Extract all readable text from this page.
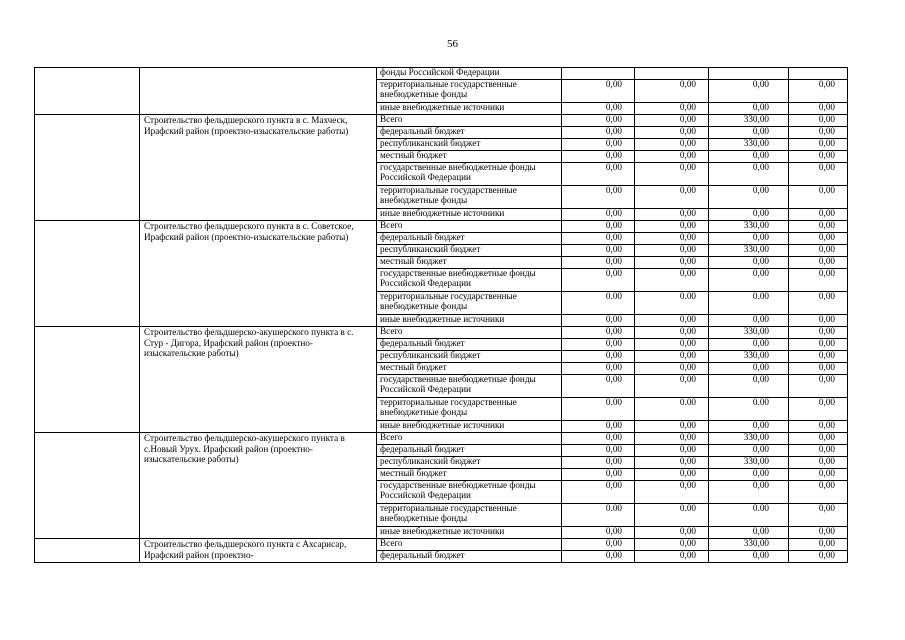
56
		фонды Российской Федерации				
		территориальные государственные внебюджетные фонды	0,00	0,00	0,00	0,00
		иные внебюджетные источники	0,00	0,00	0,00	0,00
	Строительство фельдшерского пункта в с. Махческ, Ирафский район (проектно-изыскательские работы)	Всего	0,00	0,00	330,00	0,00
		федеральный бюджет	0,00	0,00	0,00	0,00
		республиканский бюджет	0,00	0,00	330,00	0,00
		местный бюджет	0,00	0,00	0,00	0,00
		государственные внебюджетные фонды Российской Федерации	0,00	0,00	0,00	0,00
		территориальные государственные внебюджетные фонды	0,00	0,00	0,00	0,00
		иные внебюджетные источники	0,00	0,00	0,00	0,00
	Строительство фельдшерского пункта в с. Советское, Ирафский район (проектно-изыскательские работы)	Всего	0,00	0,00	330,00	0,00
		федеральный бюджет	0,00	0,00	0,00	0,00
		республиканский бюджет	0,00	0,00	330,00	0,00
		местный бюджет	0,00	0,00	0,00	0,00
		государственные внебюджетные фонды Российской Федерации	0,00	0,00	0,00	0,00
		территориальные государственные внебюджетные фонды	0.00	0.00	0.00	0,00
		иные внебюджетные источники	0,00	0,00	0,00	0,00
	Строительство фельдшерско-акушерского пункта в с. Стур - Дигора, Ирафский район (проектно-изыскательские работы)	Всего	0,00	0,00	330,00	0,00
		федеральный бюджет	0,00	0,00	0,00	0,00
		республиканский бюджет	0,00	0,00	330,00	0,00
		местный бюджет	0,00	0,00	0,00	0,00
		государственные внебюджетные фонды Российской Федерации	0,00	0,00	0,00	0,00
		территориальные государственные внебюджетные фонды	0.00	0.00	0.00	0,00
		иные внебюджетные источники	0,00	0,00	0,00	0,00
	Строительство фельдшерско-акушерского пункта в с.Новый Урух. Ирафский район (проектно-изыскательские работы)	Всего	0,00	0,00	330,00	0,00
		федеральный бюджет	0,00	0,00	0,00	0,00
		республиканский бюджет	0,00	0,00	330,00	0,00
		местный бюджет	0,00	0,00	0,00	0,00
		государственные внебюджетные фонды Российской Федерации	0,00	0,00	0,00	0,00
		территориальные государственные внебюджетные фонды	0.00	0.00	0.00	0,00
		иные внебюджетные источники	0,00	0,00	0,00	0,00
	Строительство фельдшерского пункта с Ахсарисар, Ирафский район (проектно-	Всего	0,00	0,00	330,00	0,00
		федеральный бюджет	0,00	0,00	0,00	0,00
